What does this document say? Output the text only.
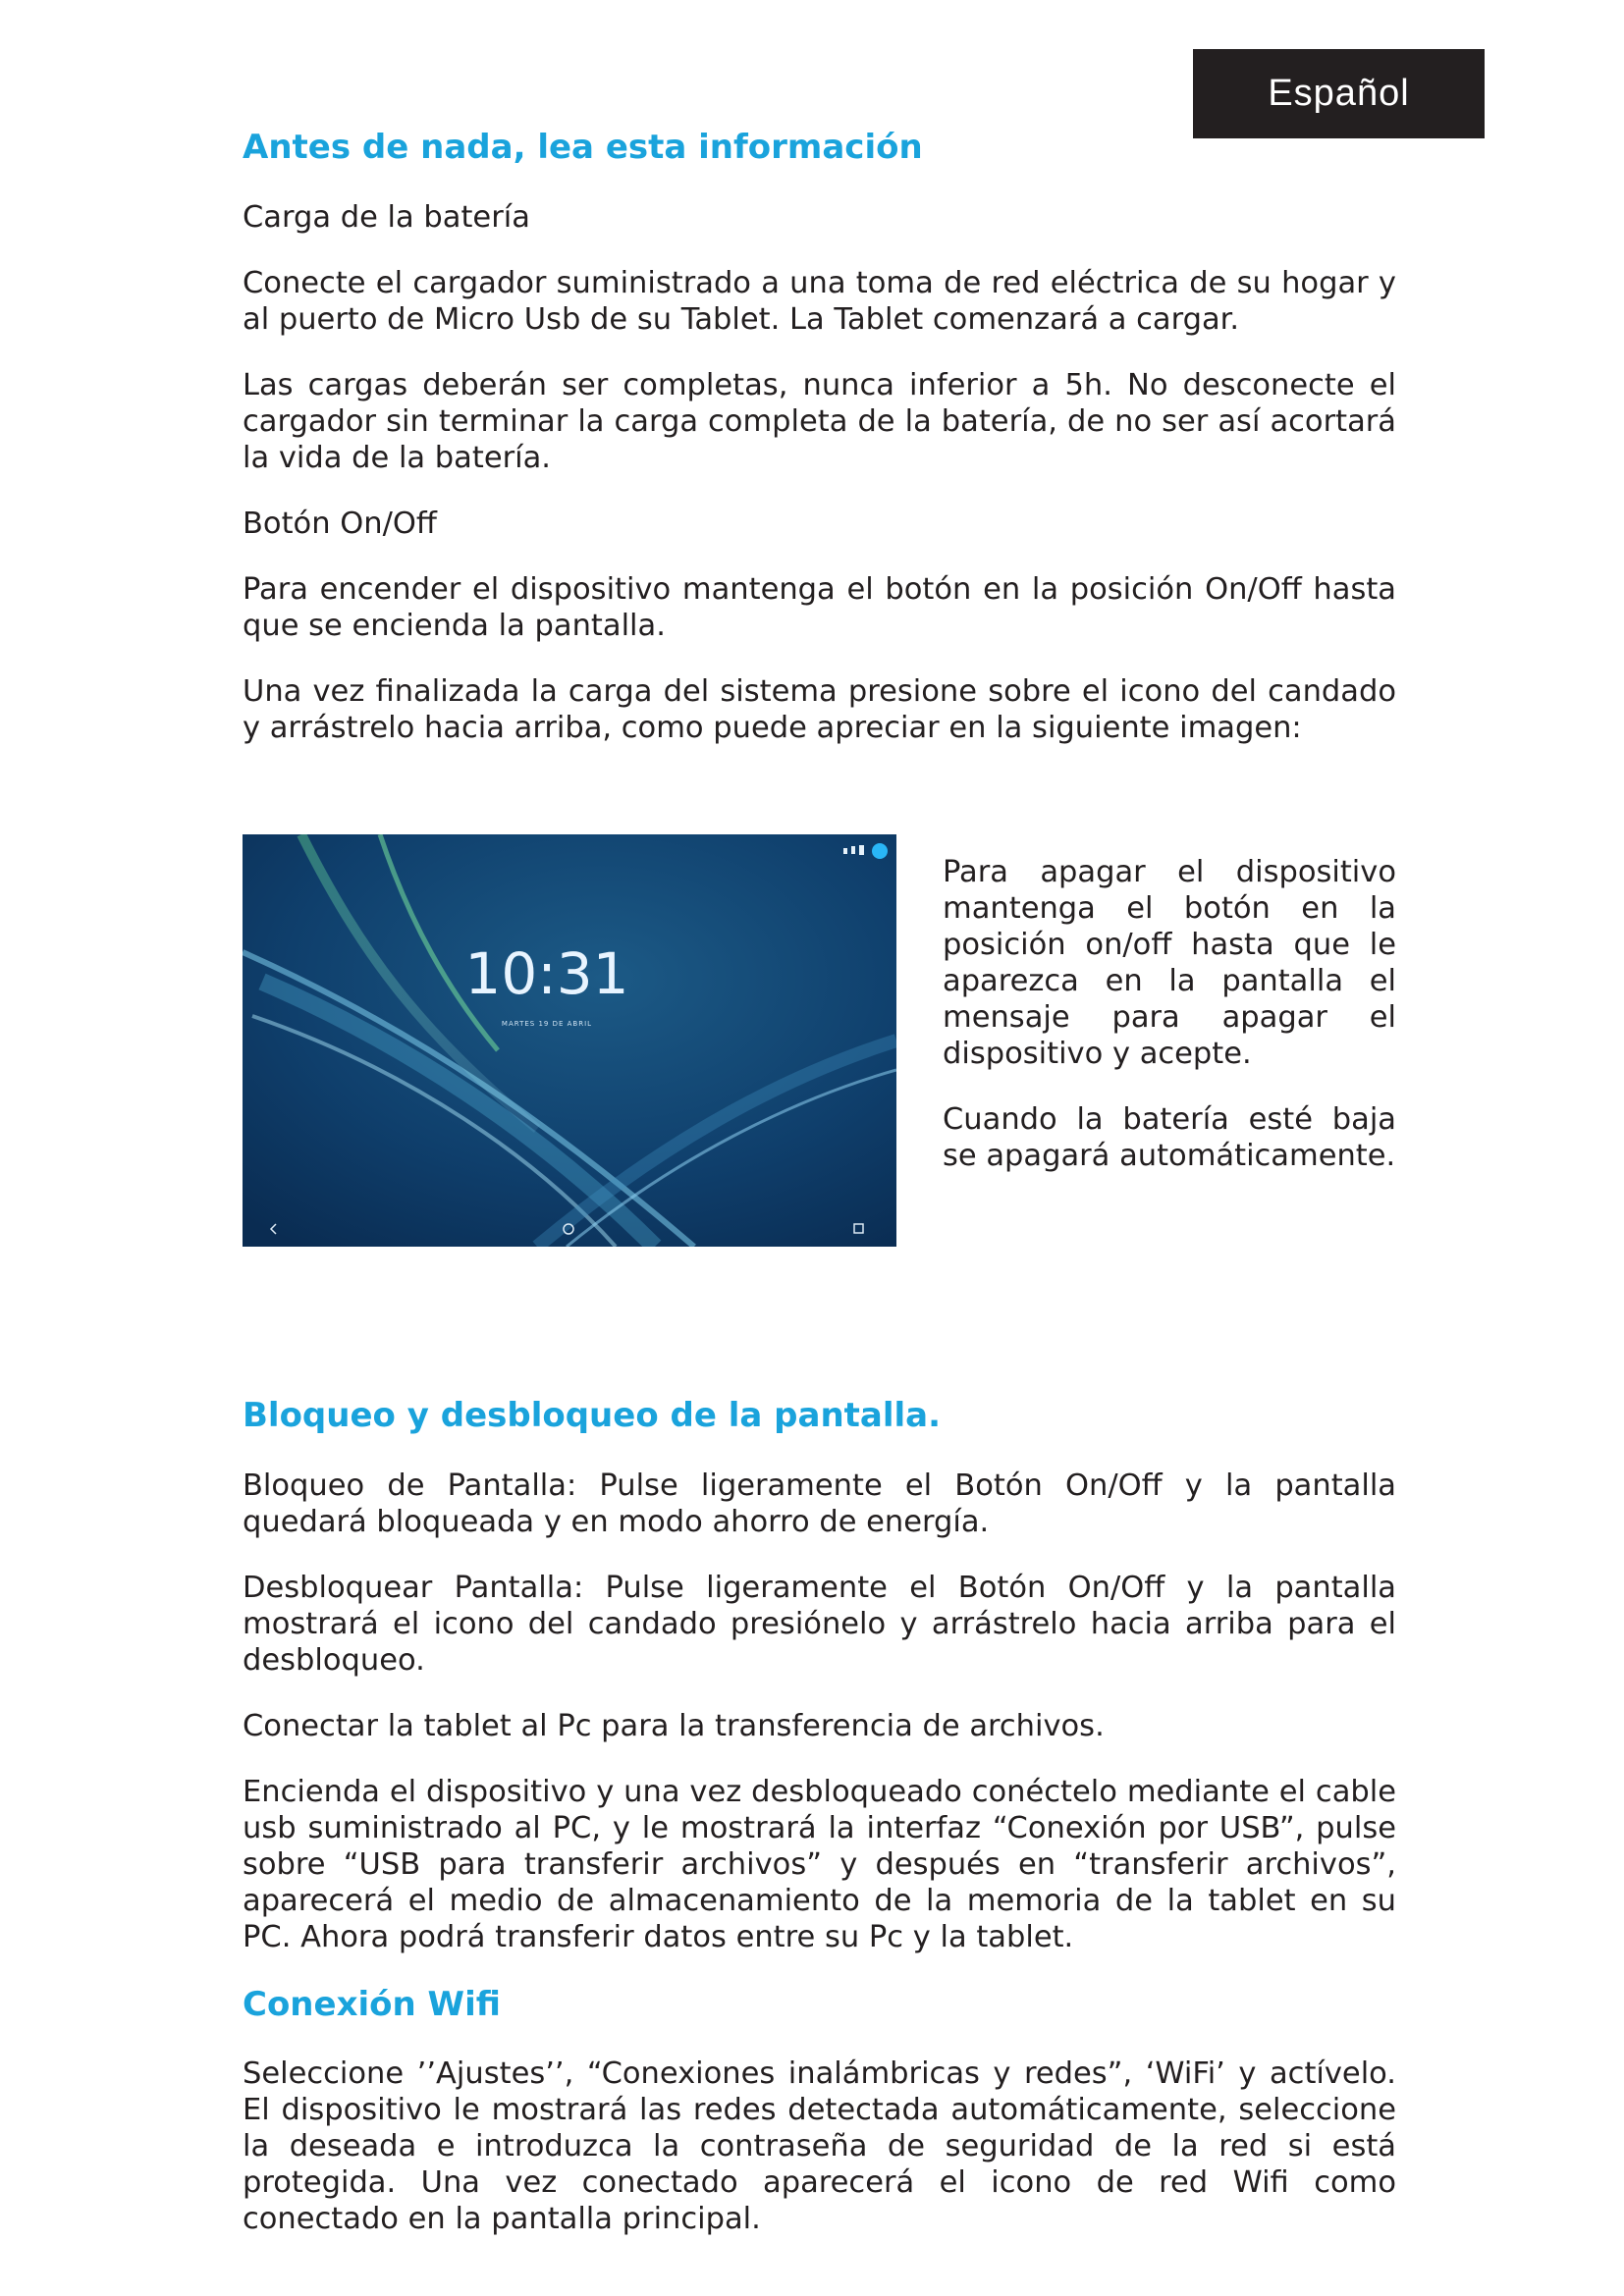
Español
Antes de nada, lea esta información

Carga de la batería

Conecte el cargador suministrado a una toma de red eléctrica de su hogar y al puerto de Micro Usb de su Tablet. La Tablet comenzará a cargar.

Las cargas deberán ser completas, nunca inferior a 5h. No desconecte el cargador sin terminar la carga completa de la batería, de no ser así acortará la vida de la batería.

Botón On/Off

Para encender el dispositivo mantenga el botón en la posición On/Off hasta que se encienda la pantalla.

Una vez finalizada la carga del sistema presione sobre el icono del candado y arrástrelo hacia arriba, como puede apreciar en la siguiente imagen:

10:31
MARTES 19 DE ABRIL

Para apagar el dispositivo mantenga el botón en la posición on/off hasta que le aparezca en la pantalla el mensaje para apagar el dispositivo y acepte.

Cuando la batería esté baja se apagará automáticamente.

Bloqueo y desbloqueo de la pantalla.

Bloqueo de Pantalla: Pulse ligeramente el Botón On/Off y la pantalla quedará bloqueada y en modo ahorro de energía.

Desbloquear Pantalla: Pulse ligeramente el Botón On/Off y la pantalla mostrará el icono del candado presiónelo y arrástrelo hacia arriba para el desbloqueo.

Conectar la tablet al Pc para la transferencia de archivos.

Encienda el dispositivo y una vez desbloqueado conéctelo mediante el cable usb suministrado al PC, y le mostrará la interfaz “Conexión por USB”, pulse sobre “USB para transferir archivos” y después en “transferir archivos”, aparecerá el medio de almacenamiento de la memoria de la tablet en su PC. Ahora podrá transferir datos entre su Pc y la tablet.

Conexión Wifi

Seleccione ’’Ajustes’’, “Conexiones inalámbricas y redes”, ‘WiFi’ y actívelo. El dispositivo le mostrará las redes detectada automáticamente, seleccione la deseada e introduzca la contraseña de seguridad de la red si está protegida. Una vez conectado aparecerá el icono de red Wifi como conectado en la pantalla principal.
